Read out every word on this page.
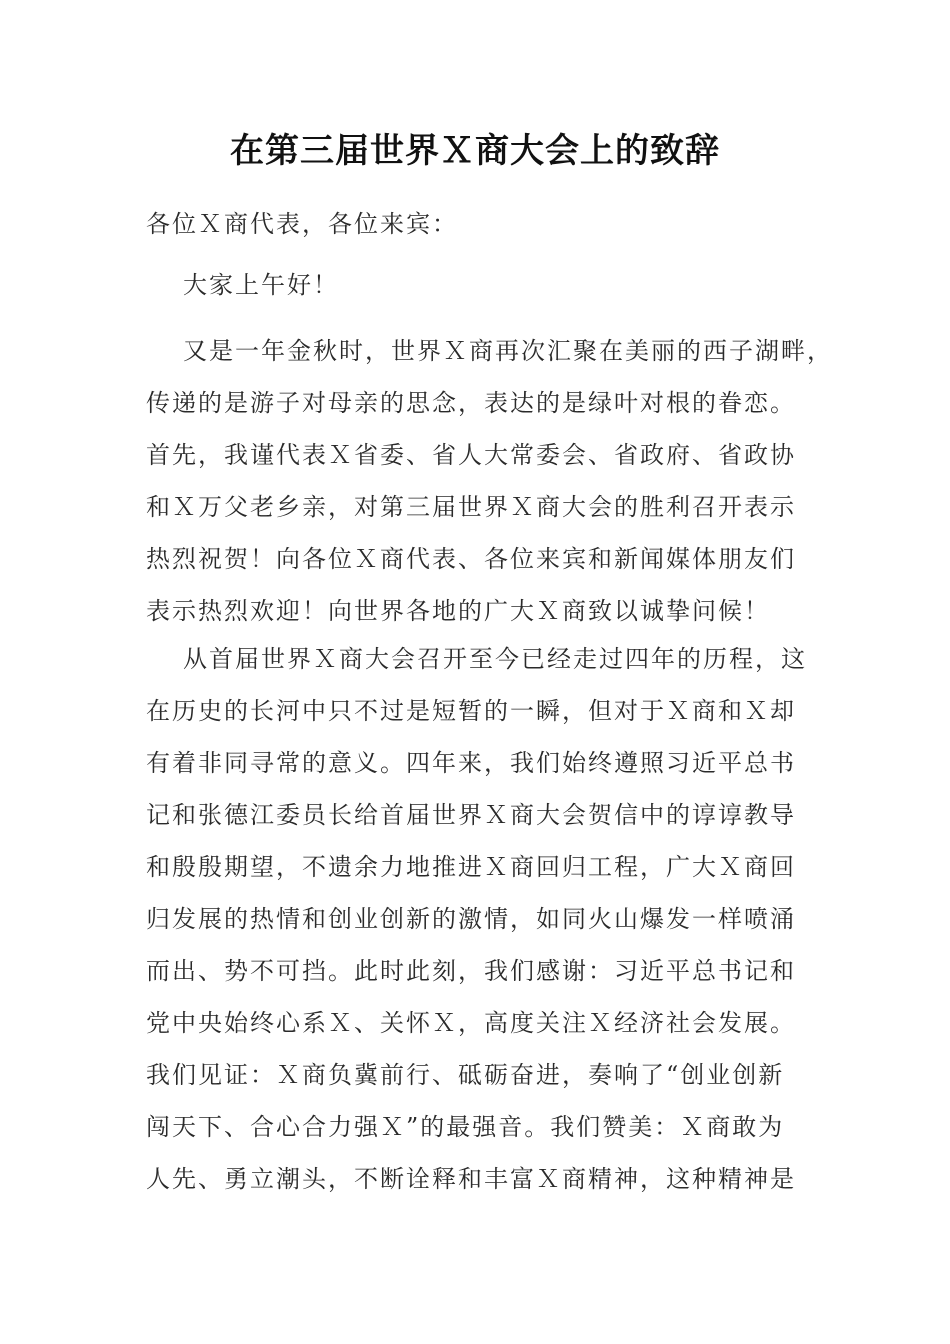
在第三届世界Ｘ商大会上的致辞
各位Ｘ商代表，各位来宾：
大家上午好！
又是一年金秋时，世界Ｘ商再次汇聚在美丽的西子湖畔，
传递的是游子对母亲的思念，表达的是绿叶对根的眷恋。
首先，我谨代表Ｘ省委、省人大常委会、省政府、省政协
和Ｘ万父老乡亲，对第三届世界Ｘ商大会的胜利召开表示
热烈祝贺！向各位Ｘ商代表、各位来宾和新闻媒体朋友们
表示热烈欢迎！向世界各地的广大Ｘ商致以诚挚问候！
从首届世界Ｘ商大会召开至今已经走过四年的历程，这
在历史的长河中只不过是短暂的一瞬，但对于Ｘ商和Ｘ却
有着非同寻常的意义。四年来，我们始终遵照习近平总书
记和张德江委员长给首届世界Ｘ商大会贺信中的谆谆教导
和殷殷期望，不遗余力地推进Ｘ商回归工程，广大Ｘ商回
归发展的热情和创业创新的激情，如同火山爆发一样喷涌
而出、势不可挡。此时此刻，我们感谢：习近平总书记和
党中央始终心系Ｘ、关怀Ｘ，高度关注Ｘ经济社会发展。
我们见证：Ｘ商负冀前行、砥砺奋进，奏响了“创业创新
闯天下、合心合力强Ｘ”的最强音。我们赞美：Ｘ商敢为
人先、勇立潮头，不断诠释和丰富Ｘ商精神，这种精神是
